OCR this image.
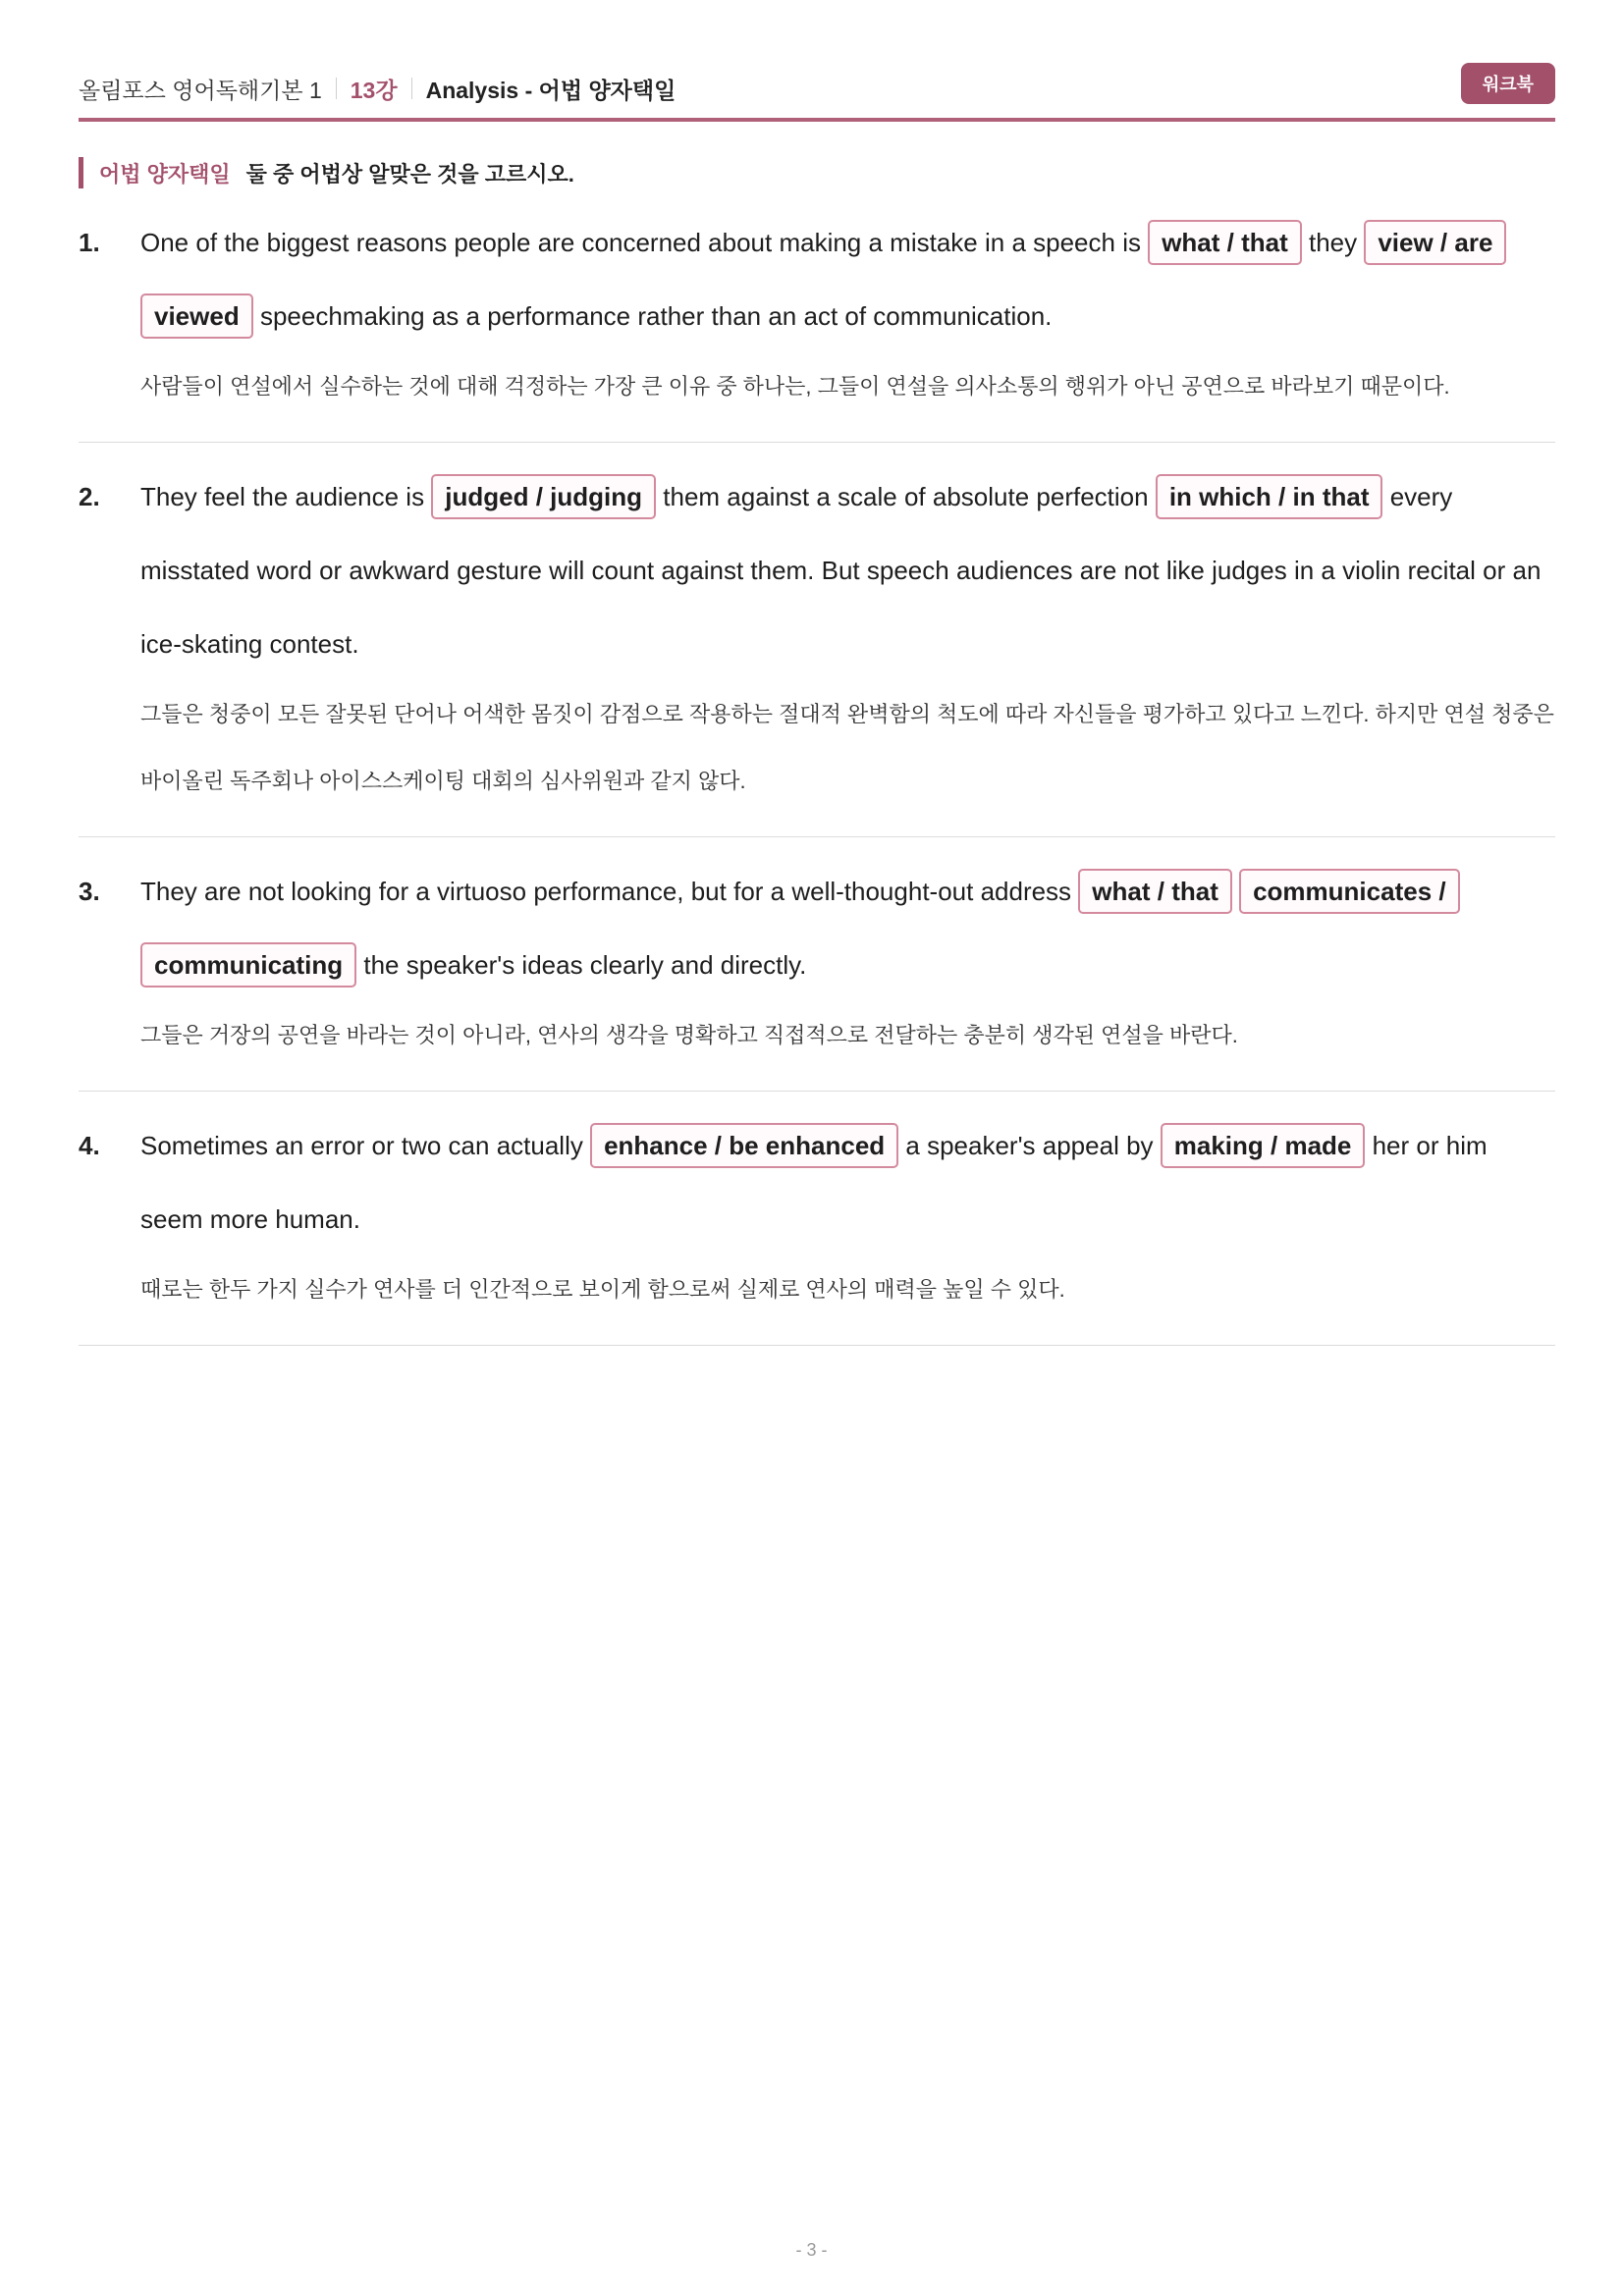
올림포스 영어독해기본 1 13강 Analysis - 어법 양자택일	워크북
어법 양자택일 둘 중 어법상 알맞은 것을 고르시오.
1. One of the biggest reasons people are concerned about making a mistake in a speech is what / that they view / are viewed speechmaking as a performance rather than an act of communication.
사람들이 연설에서 실수하는 것에 대해 걱정하는 가장 큰 이유 중 하나는, 그들이 연설을 의사소통의 행위가 아닌 공연으로 바라보기 때문이다.
2. They feel the audience is judged / judging them against a scale of absolute perfection in which / in that every misstated word or awkward gesture will count against them. But speech audiences are not like judges in a violin recital or an ice-skating contest.
그들은 청중이 모든 잘못된 단어나 어색한 몸짓이 감점으로 작용하는 절대적 완벽함의 척도에 따라 자신들을 평가하고 있다고 느낀다. 하지만 연설 청중은 바이올린 독주회나 아이스스케이팅 대회의 심사위원과 같지 않다.
3. They are not looking for a virtuoso performance, but for a well-thought-out address what / that communicates / communicating the speaker's ideas clearly and directly.
그들은 거장의 공연을 바라는 것이 아니라, 연사의 생각을 명확하고 직접적으로 전달하는 충분히 생각된 연설을 바란다.
4. Sometimes an error or two can actually enhance / be enhanced a speaker's appeal by making / made her or him seem more human.
때로는 한두 가지 실수가 연사를 더 인간적으로 보이게 함으로써 실제로 연사의 매력을 높일 수 있다.
- 3 -
